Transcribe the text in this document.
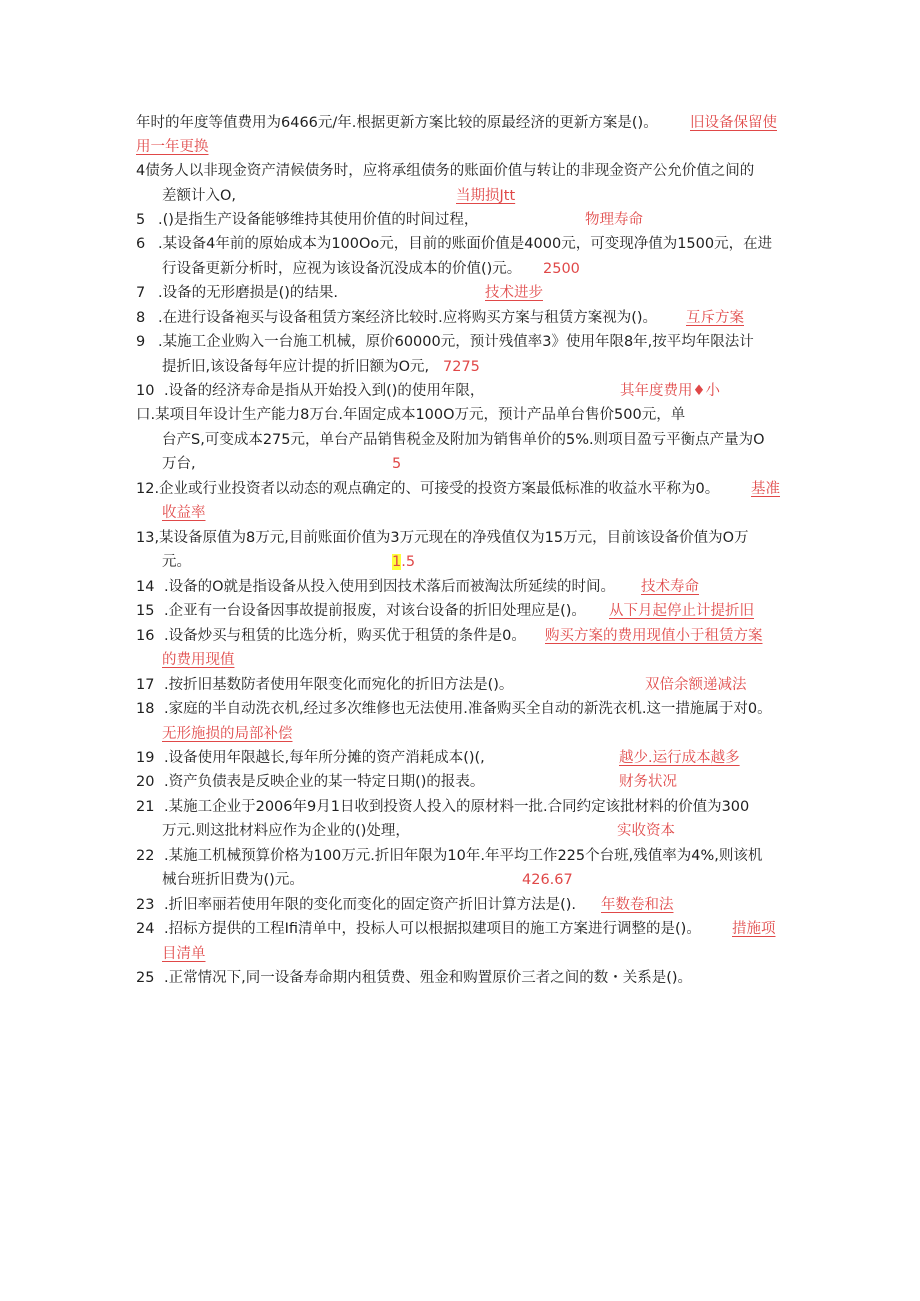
年时的年度等值费用为6466元/年.根据更新方案比较的原最经济的更新方案是()。 旧设备保留使
用一年更换
4债务人以非现金资产清候债务时，应将承组债务的账面价值与转让的非现金资产公允价值之间的
差额计入O,	当期损Jtt
5 .()是指生产设备能够维持其使用价值的时间过程，	物理寿命
6 .某设备4年前的原始成本为100Oo元，目前的账面价值是4000元，可变现净值为1500元，在进
行设备更新分析时，应视为该设备沉没成本的价值()元。 2500
7 .设备的无形磨损是()的结果.	技术进步
8 .在进行设备袍买与设备租赁方案经济比较时.应将购买方案与租赁方案视为()。 互斥方案
9 .某施工企业购入一台施工机械，原价60000元，预计残值率3》使用年限8年,按平均年限法计
提折旧,该设备每年应计提的折旧额为O元, 7275
10 .设备的经济寿命是指从开始投入到()的使用年限，	其年度费用♦小
口.某项目年设计生产能力8万台.年固定成本100O万元，预计产品单台售价500元，单
台产S,可变成本275元，单台产品销售税金及附加为销售单价的5%.则项目盈亏平衡点产量为O
万台,	5
12.企业或行业投资者以动态的观点确定的、可接受的投资方案最低标准的收益水平称为0。 基准
收益率
13,某设备原值为8万元,目前账面价值为3万元现在的净残值仅为15万元，目前该设备价值为O万
元。	1.5
14 .设备的O就是指设备从投入使用到因技术落后而被淘汰所延续的时间。 技术寿命
15 .企亚有一台设备因事故提前报废，对该台设备的折旧处理应是()。 从下月起停止计提折旧
16 .设备炒买与租赁的比选分析，购买优于租赁的条件是0。 购买方案的费用现值小于租赁方案
的费用现值
17 .按折旧基数防者使用年限变化而宛化的折旧方法是()。	双倍余额递减法
18 .家庭的半自动洗衣机,经过多次维修也无法使用.准备购买全自动的新洗衣机.这一措施属于对0。
无形施损的局部补偿
19 .设备使用年限越长,每年所分摊的资产消耗成本()(,	越少.运行成本越多
20 .资产负债表是反映企业的某一特定日期()的报表。	财务状况
21 .某施工企业于2006年9月1日收到投资人投入的原材料一批.合同约定该批材料的价值为300
万元.则这批材料应作为企业的()处理，	实收资本
22 .某施工机械预算价格为100万元.折旧年限为10年.年平均工作225个台班,残值率为4%,则该机
械台班折旧费为()元。	426.67
23 .折旧率丽若使用年限的变化而变化的固定资产折旧计算方法是(). 年数卷和法
24 .招标方提供的工程Ifi清单中，投标人可以根据拟建项目的施工方案进行调整的是()。 措施项
目清单
25 .正常情况下,同一设备寿命期内租赁费、殂金和购置原价三者之间的数・关系是()。
